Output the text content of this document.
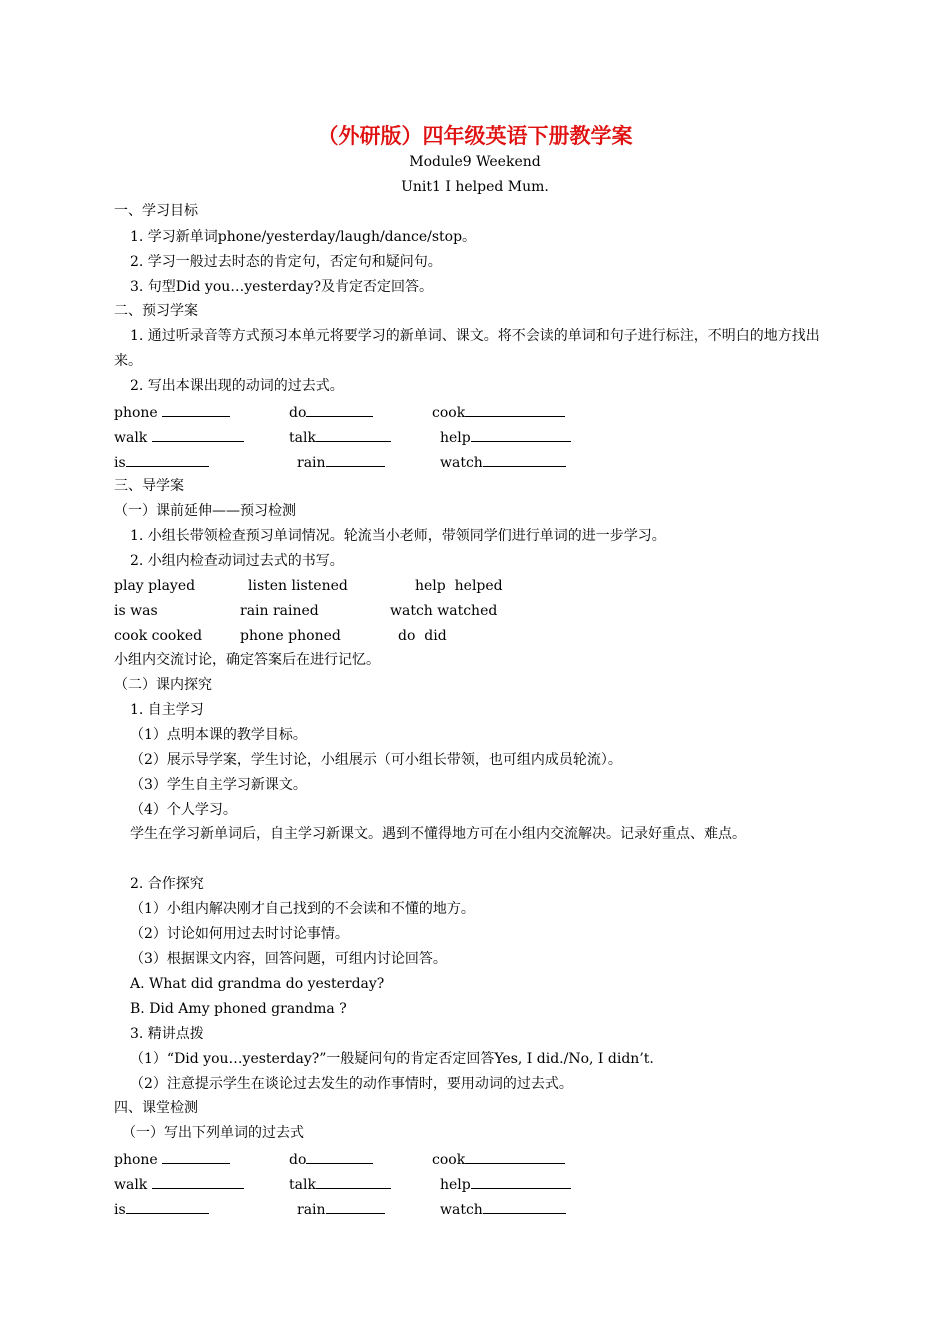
（外研版）四年级英语下册教学案
Module9 Weekend
Unit1 I helped Mum.
一、学习目标
1. 学习新单词phone/yesterday/laugh/dance/stop。
2. 学习一般过去时态的肯定句，否定句和疑问句。
3. 句型Did you…yesterday?及肯定否定回答。
二、预习学案
1. 通过听录音等方式预习本单元将要学习的新单词、课文。将不会读的单词和句子进行标注，不明白的地方找出来。
2. 写出本课出现的动词的过去式。
phone	do	cook
walk	talk	help
is	rain	watch
三、导学案
（一）课前延伸——预习检测
1. 小组长带领检查预习单词情况。轮流当小老师，带领同学们进行单词的进一步学习。
2. 小组内检查动词过去式的书写。
play played	listen listened	help  helped
is was	rain rained	watch watched
cook cooked	phone phoned	do  did
小组内交流讨论，确定答案后在进行记忆。
（二）课内探究
1. 自主学习
（1）点明本课的教学目标。
（2）展示导学案，学生讨论，小组展示（可小组长带领，也可组内成员轮流）。
（3）学生自主学习新课文。
（4）个人学习。
学生在学习新单词后，自主学习新课文。遇到不懂得地方可在小组内交流解决。记录好重点、难点。
2. 合作探究
（1）小组内解决刚才自己找到的不会读和不懂的地方。
（2）讨论如何用过去时讨论事情。
（3）根据课文内容，回答问题，可组内讨论回答。
A. What did grandma do yesterday?
B. Did Amy phoned grandma ?
3. 精讲点拨
（1）“Did you…yesterday?”一般疑问句的肯定否定回答Yes, I did./No, I didn’t.
（2）注意提示学生在谈论过去发生的动作事情时，要用动词的过去式。
四、课堂检测
（一）写出下列单词的过去式
phone	do	cook
walk	talk	help
is	rain	watch
